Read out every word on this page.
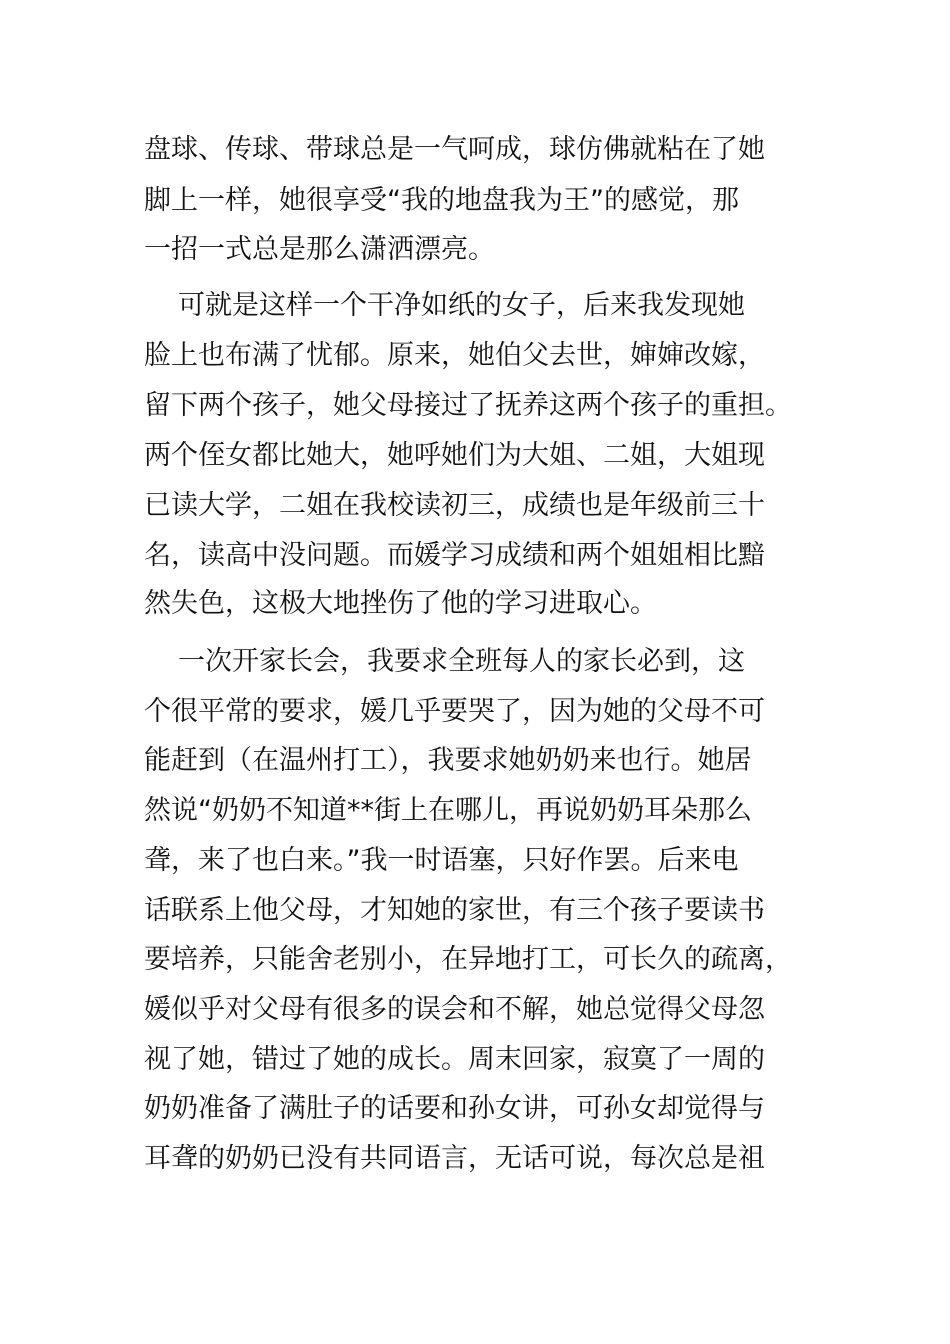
盘球、传球、带球总是一气呵成，球仿佛就粘在了她

脚上一样，她很享受“我的地盘我为王”的感觉，那

一招一式总是那么潇洒漂亮。

可就是这样一个干净如纸的女子，后来我发现她

脸上也布满了忧郁。原来，她伯父去世，婶婶改嫁，

留下两个孩子，她父母接过了抚养这两个孩子的重担。

两个侄女都比她大，她呼她们为大姐、二姐，大姐现

已读大学，二姐在我校读初三，成绩也是年级前三十

名，读高中没问题。而媛学习成绩和两个姐姐相比黯

然失色，这极大地挫伤了他的学习进取心。

一次开家长会，我要求全班每人的家长必到，这

个很平常的要求，媛几乎要哭了，因为她的父母不可

能赶到（在温州打工），我要求她奶奶来也行。她居

然说“奶奶不知道**街上在哪儿，再说奶奶耳朵那么

聋，来了也白来。”我一时语塞，只好作罢。后来电

话联系上他父母，才知她的家世，有三个孩子要读书

要培养，只能舍老别小，在异地打工，可长久的疏离，

媛似乎对父母有很多的误会和不解，她总觉得父母忽

视了她，错过了她的成长。周末回家，寂寞了一周的

奶奶准备了满肚子的话要和孙女讲，可孙女却觉得与

耳聋的奶奶已没有共同语言，无话可说，每次总是祖
